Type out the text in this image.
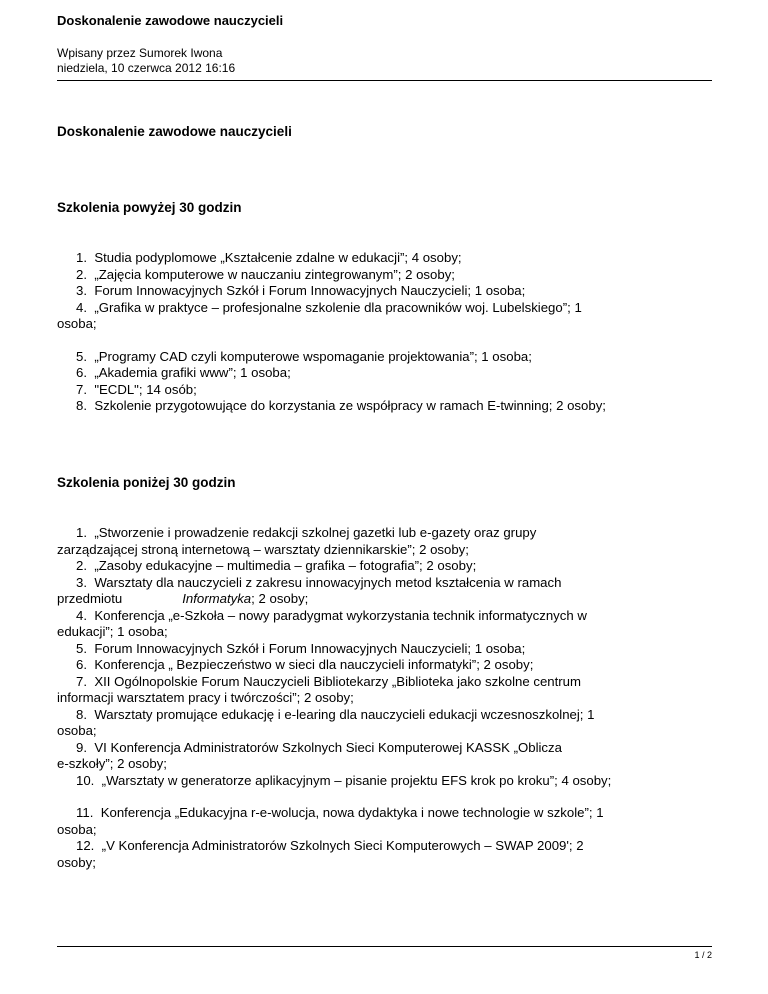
Doskonalenie zawodowe nauczycieli
Wpisany przez Sumorek Iwona
niedziela, 10 czerwca 2012 16:16

Doskonalenie zawodowe nauczycieli

Szkolenia powyżej 30 godzin

1. Studia podyplomowe „Kształcenie zdalne w edukacji”; 4 osoby;
2. „Zajęcia komputerowe w nauczaniu zintegrowanym”; 2 osoby;
3. Forum Innowacyjnych Szkół i Forum Innowacyjnych Nauczycieli; 1 osoba;
4. „Grafika w praktyce – profesjonalne szkolenie dla pracowników woj. Lubelskiego”; 1
osoba;
5. „Programy CAD czyli komputerowe wspomaganie projektowania”; 1 osoba;
6. „Akademia grafiki www”; 1 osoba;
7. "ECDL"; 14 osób;
8. Szkolenie przygotowujące do korzystania ze współpracy w ramach E-twinning; 2 osoby;

Szkolenia poniżej 30 godzin

1. „Stworzenie i prowadzenie redakcji szkolnej gazetki lub e-gazety oraz grupy
zarządzającej stroną internetową – warsztaty dziennikarskie”; 2 osoby;
2. „Zasoby edukacyjne – multimedia – grafika – fotografia”; 2 osoby;
3. Warsztaty dla nauczycieli z zakresu innowacyjnych metod kształcenia w ramach
przedmiotu	Informatyka; 2 osoby;
4. Konferencja „e-Szkoła – nowy paradygmat wykorzystania technik informatycznych w
edukacji”; 1 osoba;
5. Forum Innowacyjnych Szkół i Forum Innowacyjnych Nauczycieli; 1 osoba;
6. Konferencja „ Bezpieczeństwo w sieci dla nauczycieli informatyki”; 2 osoby;
7. XII Ogólnopolskie Forum Nauczycieli Bibliotekarzy „Biblioteka jako szkolne centrum
informacji warsztatem pracy i twórczości”; 2 osoby;
8. Warsztaty promujące edukację i e-learing dla nauczycieli edukacji wczesnoszkolnej; 1
osoba;
9. VI Konferencja Administratorów Szkolnych Sieci Komputerowej KASSK „Oblicza
e-szkoły”; 2 osoby;
10. „Warsztaty w generatorze aplikacyjnym – pisanie projektu EFS krok po kroku”; 4 osoby;
11. Konferencja „Edukacyjna r-e-wolucja, nowa dydaktyka i nowe technologie w szkole”; 1
osoba;
12. „V Konferencja Administratorów Szkolnych Sieci Komputerowych – SWAP 2009'; 2
osoby;
1 / 2
